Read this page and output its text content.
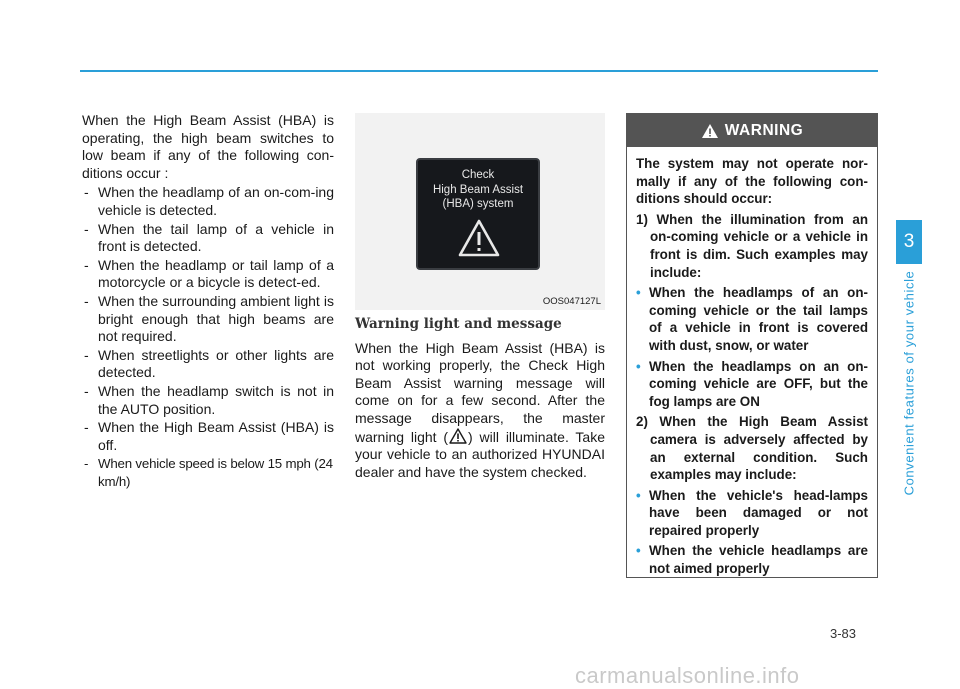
When the High Beam Assist (HBA) is operating, the high beam switches to low beam if any of the following con-ditions occur :

- When the headlamp of an on-com-ing vehicle is detected.
- When the tail lamp of a vehicle in front is detected.
- When the headlamp or tail lamp of a motorcycle or a bicycle is detect-ed.
- When the surrounding ambient light is bright enough that high beams are not required.
- When streetlights or other lights are detected.
- When the headlamp switch is not in the AUTO position.
- When the High Beam Assist (HBA) is off.
- When vehicle speed is below 15 mph (24 km/h)
Check
High Beam Assist
(HBA) system
OOS047127L
Warning light and message

When the High Beam Assist (HBA) is not working properly, the Check High Beam Assist warning message will come on for a few second. After the message disappears, the master warning light ( ) will illuminate. Take your vehicle to an authorized HYUNDAI dealer and have the system checked.

WARNING

The system may not operate nor-mally if any of the following con-ditions should occur:

1) When the illumination from an on-coming vehicle or a vehicle in front is dim. Such examples may include:
• When the headlamps of an on-coming vehicle or the tail lamps of a vehicle in front is covered with dust, snow, or water
• When the headlamps on an on-coming vehicle are OFF, but the fog lamps are ON
2) When the High Beam Assist camera is adversely affected by an external condition. Such examples may include:
• When the vehicle's head-lamps have been damaged or not repaired properly
• When the vehicle headlamps are not aimed properly
3
Convenient features of your vehicle
3-83
carmanualsonline.info
